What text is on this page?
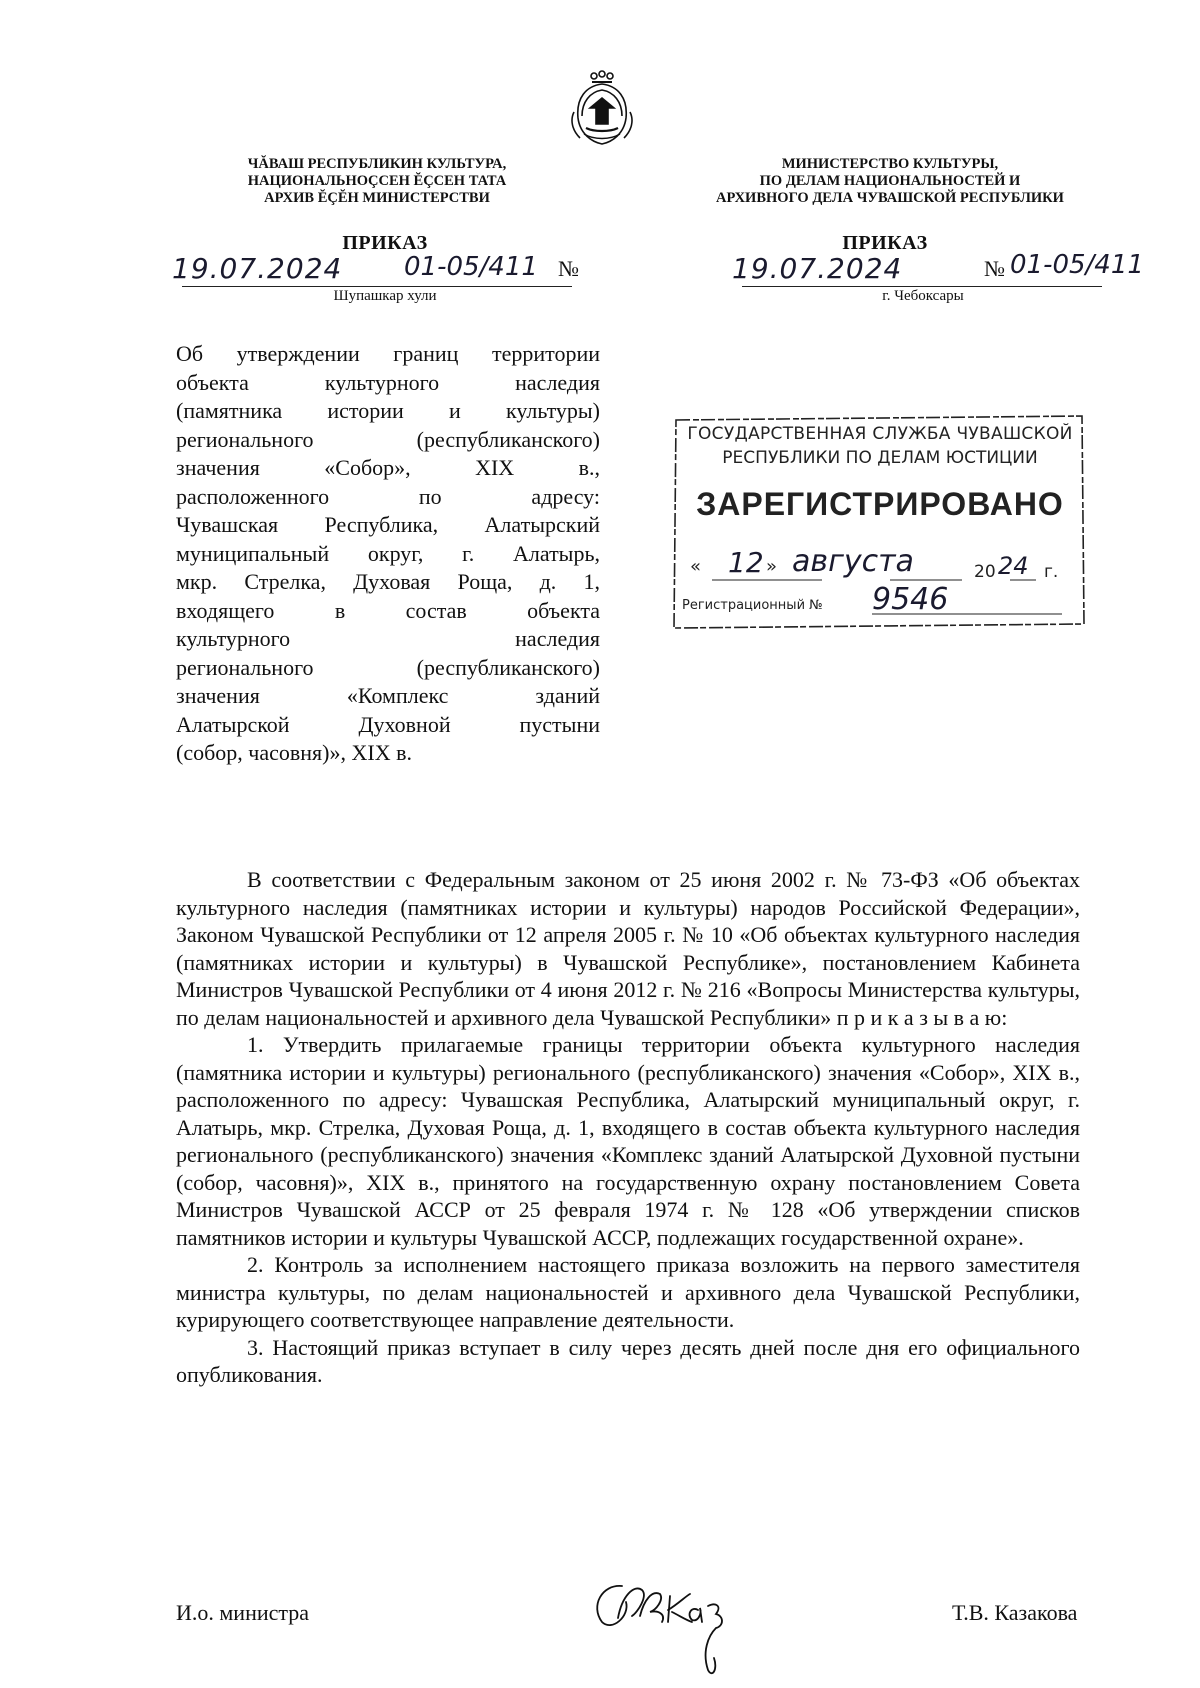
ЧĂВАШ РЕСПУБЛИКИН КУЛЬТУРА,
НАЦИОНАЛЬНОÇСЕН ĔÇСЕН ТАТА
АРХИВ ĔÇĔН МИНИСТЕРСТВИ
МИНИСТЕРСТВО КУЛЬТУРЫ,
ПО ДЕЛАМ НАЦИОНАЛЬНОСТЕЙ И
АРХИВНОГО ДЕЛА ЧУВАШСКОЙ РЕСПУБЛИКИ
ПРИКАЗ
19.07.2024 01-05/411 №
Шупашкар хули
ПРИКАЗ
19.07.2024	№ 01-05/411
г. Чебоксары
Об утверждении границ территории
объекта культурного наследия
(памятника истории и культуры)
регионального (республиканского)
значения «Собор», XIX в.,
расположенного по адресу:
Чувашская Республика, Алатырский
муниципальный округ, г. Алатырь,
мкр. Стрелка, Духовая Роща, д. 1,
входящего в состав объекта
культурного наследия
регионального (республиканского)
значения «Комплекс зданий
Алатырской Духовной пустыни
(собор, часовня)», XIX в.
ГОСУДАРСТВЕННАЯ СЛУЖБА ЧУВАШСКОЙ
РЕСПУБЛИКИ ПО ДЕЛАМ ЮСТИЦИИ
ЗАРЕГИСТРИРОВАНО
« 12 » августа	20 24 г.
Регистрационный № 9546

В соответствии с Федеральным законом от 25 июня 2002 г. № 73-ФЗ «Об объектах культурного наследия (памятниках истории и культуры) народов Российской Федерации», Законом Чувашской Республики от 12 апреля 2005 г. № 10 «Об объектах культурного наследия (памятниках истории и культуры) в Чувашской Республике», постановлением Кабинета Министров Чувашской Республики от 4 июня 2012 г. № 216 «Вопросы Министерства культуры, по делам национальностей и архивного дела Чувашской Республики» п р и к а з ы в а ю:

1. Утвердить прилагаемые границы территории объекта культурного наследия (памятника истории и культуры) регионального (республиканского) значения «Собор», XIX в., расположенного по адресу: Чувашская Республика, Алатырский муниципальный округ, г. Алатырь, мкр. Стрелка, Духовая Роща, д. 1, входящего в состав объекта культурного наследия регионального (республиканского) значения «Комплекс зданий Алатырской Духовной пустыни (собор, часовня)», XIX в., принятого на государственную охрану постановлением Совета Министров Чувашской АССР от 25 февраля 1974 г. № 128 «Об утверждении списков памятников истории и культуры Чувашской АССР, подлежащих государственной охране».

2. Контроль за исполнением настоящего приказа возложить на первого заместителя министра культуры, по делам национальностей и архивного дела Чувашской Республики, курирующего соответствующее направление деятельности.

3. Настоящий приказ вступает в силу через десять дней после дня его официального опубликования.

И.о. министра	Т.В. Казакова
